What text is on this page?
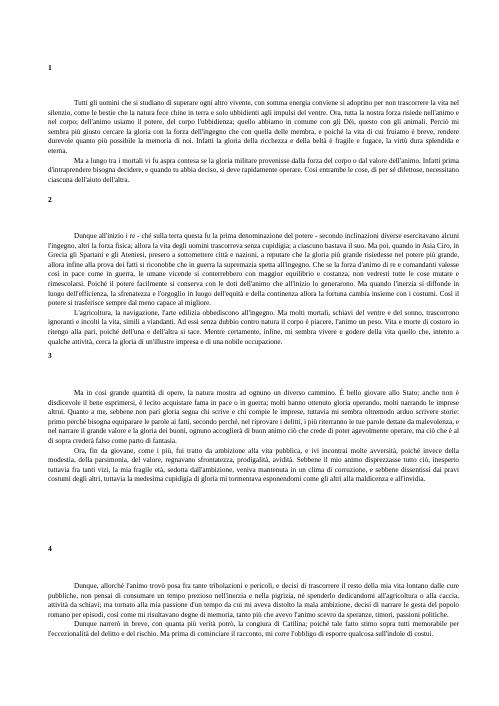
1

Tutti gli uomini che si studiano di superare ogni altro vivente, con somma energia conviene si adoprino per non trascorrere la vita nel silenzio, come le bestie che la natura fece chine in terra e solo ubbidienti agli impulsi del ventre. Ora, tutta la nostra forza risiede nell'animo e nel corpo; dell'animo usiamo il potere, del corpo l'ubbidienza; quello abbiamo in comune con gli Déi, questo con gli animali. Perciò mi sembra più giusto cercare la gloria con la forza dell'ingegno che con quella delle membra, e poiché la vita di cui fruiamo è breve, rendere durevole quanto più possibile la memoria di noi. Infatti la gloria della ricchezza e della beltà è fragile e fugace, la virtù dura splendida e eterna.

Ma a lungo tra i mortali vi fu aspra contesa se la gloria militare provenisse dalla forza del corpo o dal valore dell'animo. Infatti prima d'intraprendere bisogna decidere, e quando tu abbia deciso, si deve rapidamente operare. Così entrambe le cose, di per sé difettose, necessitano ciascuna dell'aiuto dell'altra.

2

Dunque all'inizio i re - ché sulla terra questa fu la prima denominazione del potere - secondo inclinazioni diverse esercitavano alcuni l'ingegno, altri la forza fisica; allora la vita degli uomini trascorreva senza cupidigia; a ciascuno bastava il suo. Ma poi, quando in Asia Ciro, in Grecia gli Spartani e gli Ateniesi, presero a sottomettere città e nazioni, a reputare che la gloria più grande risiedesse nel potere più grande, allora infine alla prova dei fatti si riconobbe che in guerra la supremazia spetta all'ingegno. Che se la forza d'animo di re e comandanti valesse così in pace come in guerra, le umane vicende si conterrebbero con maggior equilibrio e costanza, non vedresti tutte le cose mutare e rimescolarsi. Poiché il potere facilmente si conserva con le doti dell'animo che all'inizio lo generarono. Ma quando l'inerzia si diffonde in luogo dell'efficienza, la sfrenatezza e l'orgoglio in luogo dell'equità e della continenza allora la fortuna cambia insieme con i costumi. Così il potere si trasferisce sempre dal meno capace al migliore.

L'agricoltura, la navigazione, l'arte edilizia obbediscono all'ingegno. Ma molti mortali, schiavi del ventre e del sonno, trascorrono ignoranti e incolti la vita, simili a viandanti. Ad essi senza dubbio contro natura il corpo è piacere, l'animo un peso. Vita e morte di costoro io ritengo alla pari, poiché dell'una e dell'altra si tace. Mentre certamente, infine, mi sembra vivere e godere della vita quello che, intento a qualche attività, cerca la gloria di un'illustre impresa e di una nobile occupazione.

3

Ma in così grande quantità di opere, la natura mostra ad ognuno un diverso cammino. È bello giovare allo Stato; anche non è disdicevole il bene esprimersi, è lecito acquistare fama in pace o in guerra; molti hanno ottenuto gloria operando, molti narrando le imprese altrui. Quanto a me, sebbene non pari gloria segua chi scrive e chi compie le imprese, tuttavia mi sembra oltremodo arduo scrivere storie: primo perché bisogna equiparare le parole ai fatti, secondo perché, nel riprovare i delitti, i più riterranno le tue parole dettate da malevolenza, e nel narrare il grande valore e la gloria dei buoni, ognuno accoglierà di buon animo ciò che crede di poter agevolmente operare, ma ciò che è al di sopra crederà falso come parto di fantasia.

Ora, fin da giovane, come i più, fui tratto da ambizione alla vita pubblica, e ivi incontrai molte avversità, poiché invece della modestia, della parsimonia, del valore, regnavano sfrontatezza, prodigalità, avidità. Sebbene il mio animo disprezzasse tutto ciò, inesperto tuttavia fra tanti vizi, la mia fragile età, sedotta dall'ambizione, veniva mantenuta in un clima di corruzione, e sebbene dissentissi dai pravi costumi degli altri, tuttavia la medesima cupidigia di gloria mi tormentava esponendomi come gli altri alla maldicenza e all'invidia.

4

Dunque, allorché l'animo trovò posa fra tante tribolazioni e pericoli, e decisi di trascorrere il resto della mia vita lontano dalle cure pubbliche, non pensai di consumare un tempo prezioso nell'inerzia e nella pigrizia, né spenderlo dedicandomi all'agricoltura o alla caccia, attività da schiavi; ma tornato alla mia passione d'un tempo da cui mi aveva distolto la mala ambizione, decisi di narrare le gesta del popolo romano per episodi, così come mi risultavano degne di memoria, tanto più che avevo l'animo scevro da speranze, timori, passioni politiche.

Dunque narrerò in breve, con quanta più verità potrò, la congiura di Catilina; poiché tale fatto stimo sopra tutti memorabile per l'eccezionalità del delitto e del rischio. Ma prima di cominciare il racconto, mi corre l'obbligo di esporre qualcosa sull'indole di costui.
